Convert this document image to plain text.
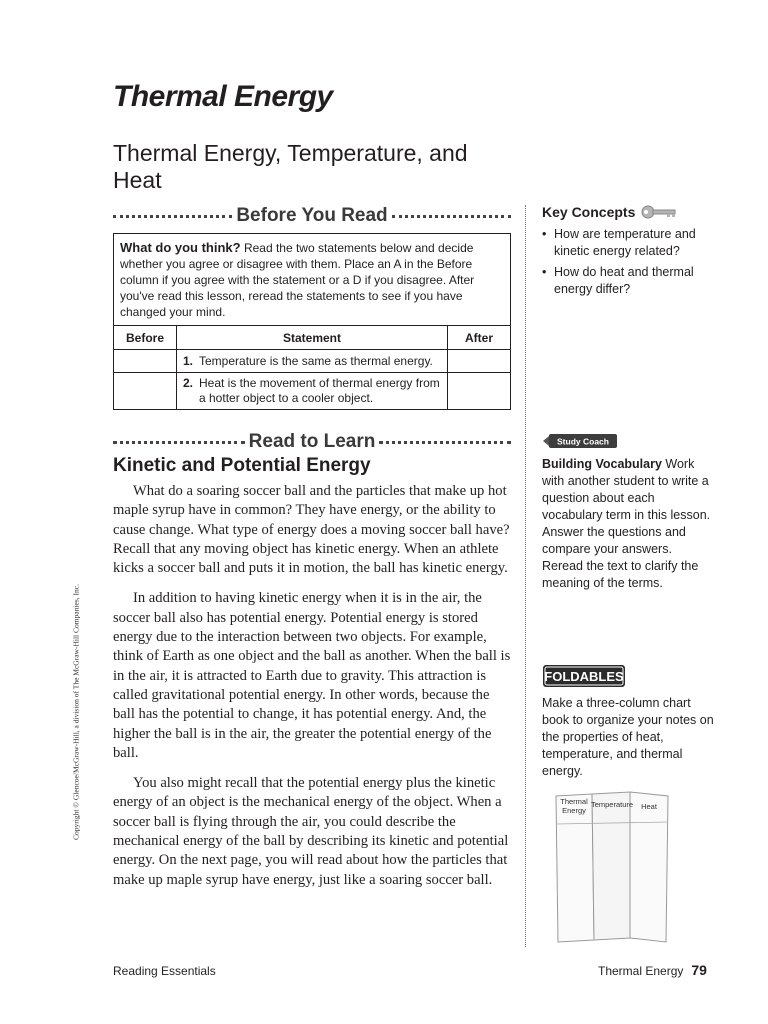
Thermal Energy
Thermal Energy, Temperature, and Heat
Before You Read
What do you think? Read the two statements below and decide whether you agree or disagree with them. Place an A in the Before column if you agree with the statement or a D if you disagree. After you've read this lesson, reread the statements to see if you have changed your mind.
Before	Statement	After

	1. Temperature is the same as thermal energy.	

	2. Heat is the movement of thermal energy from a hotter object to a cooler object.	

Read to Learn
Kinetic and Potential Energy

What do a soaring soccer ball and the particles that make up hot maple syrup have in common? They have energy, or the ability to cause change. What type of energy does a moving soccer ball have? Recall that any moving object has kinetic energy. When an athlete kicks a soccer ball and puts it in motion, the ball has kinetic energy.

In addition to having kinetic energy when it is in the air, the soccer ball also has potential energy. Potential energy is stored energy due to the interaction between two objects. For example, think of Earth as one object and the ball as another. When the ball is in the air, it is attracted to Earth due to gravity. This attraction is called gravitational potential energy. In other words, because the ball has the potential to change, it has potential energy. And, the higher the ball is in the air, the greater the potential energy of the ball.

You also might recall that the potential energy plus the kinetic energy of an object is the mechanical energy of the object. When a soccer ball is flying through the air, you could describe the mechanical energy of the ball by describing its kinetic and potential energy. On the next page, you will read about how the particles that make up maple syrup have energy, just like a soaring soccer ball.

Copyright © Glencoe/McGraw-Hill, a division of The McGraw-Hill Companies, Inc.
Key Concepts
• How are temperature and kinetic energy related?
• How do heat and thermal energy differ?
Study Coach
Building Vocabulary Work with another student to write a question about each vocabulary term in this lesson. Answer the questions and compare your answers. Reread the text to clarify the meaning of the terms.
FOLDABLES
Make a three-column chart book to organize your notes on the properties of heat, temperature, and thermal energy.
Thermal Energy
Temperature Heat
Reading Essentials	Thermal Energy 79
